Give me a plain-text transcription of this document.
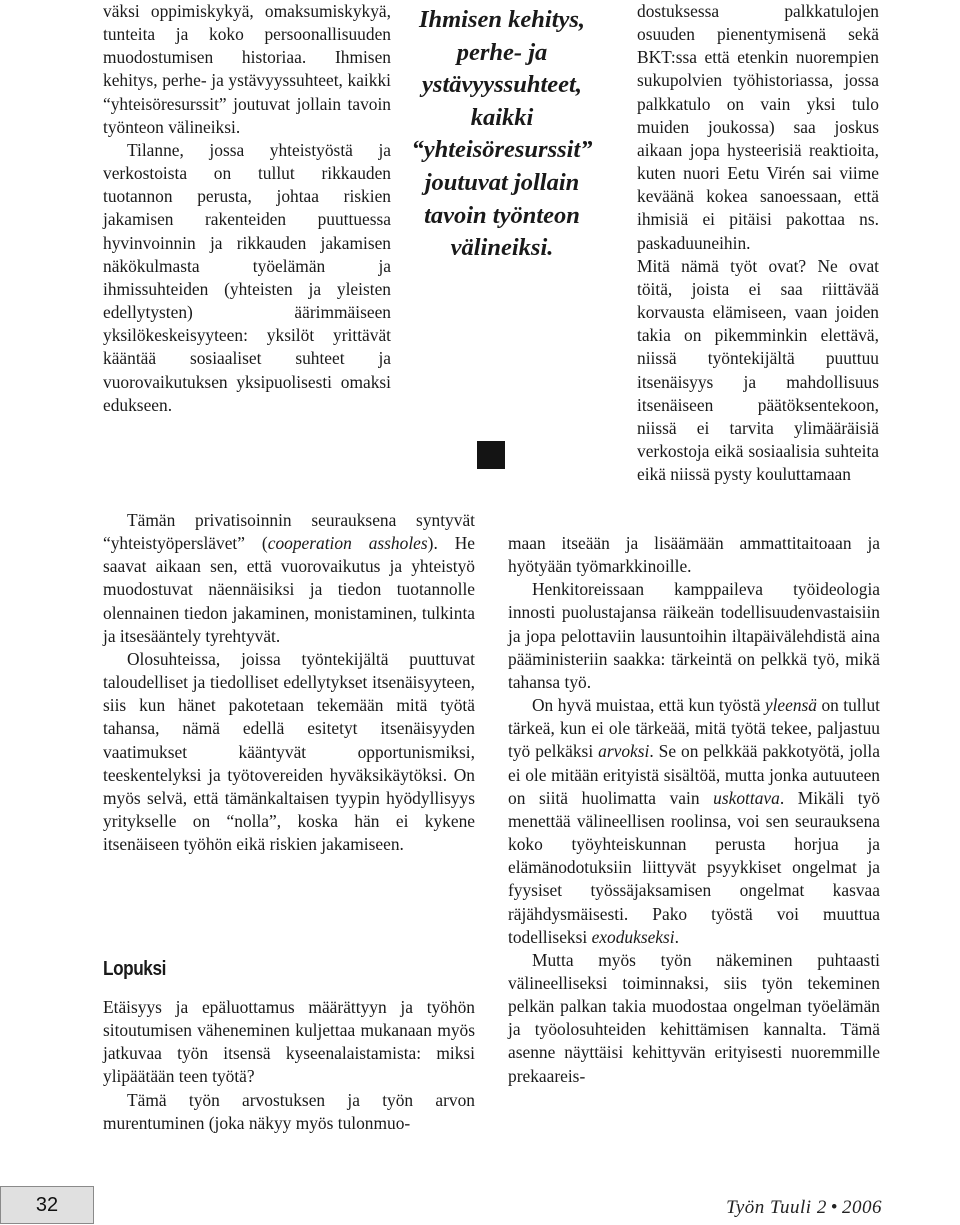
väksi oppimiskykyä, omaksumiskykyä, tunteita ja koko persoonallisuuden muodostumisen historiaa. Ihmisen kehitys, perhe- ja ystävyyssuhteet, kaikki “yhteisöresurssit” joutuvat jollain tavoin työnteon välineiksi.

Tilanne, jossa yhteistyöstä ja verkostoista on tullut rikkauden tuotannon perusta, johtaa riskien jakamisen rakenteiden puuttuessa hyvinvoinnin ja rikkauden jakamisen näkökulmasta työelämän ja ihmissuhteiden (yhteisten ja yleisten edellytysten) äärimmäiseen yksilökeskeisyyteen: yksilöt yrittävät kääntää sosiaaliset suhteet ja vuorovaikutuksen yksipuolisesti omaksi edukseen.

Ihmisen kehitys, perhe- ja ystävyyssuhteet, kaikki “yhteisöresurssit” joutuvat jollain tavoin työnteon välineiksi.

dostuksessa palkkatulojen osuuden pienentymisenä sekä BKT:ssa että etenkin nuorempien sukupolvien työhistoriassa, jossa palkkatulo on vain yksi tulo muiden joukossa) saa joskus aikaan jopa hysteerisiä reaktioita, kuten nuori Eetu Virén sai viime keväänä kokea sanoessaan, että ihmisiä ei pitäisi pakottaa ns. paskaduuneihin.

Mitä nämä työt ovat? Ne ovat töitä, joista ei saa riittävää korvausta elämiseen, vaan joiden takia on pikemminkin elettävä, niissä työntekijältä puuttuu itsenäisyys ja mahdollisuus itsenäiseen päätöksentekoon, niissä ei tarvita ylimääräisiä verkostoja eikä sosiaalisia suhteita eikä niissä pysty kouluttamaan

Tämän privatisoinnin seurauksena syntyvät “yhteistyöperslävet” (cooperation assholes). He saavat aikaan sen, että vuorovaikutus ja yhteistyö muodostuvat näennäisiksi ja tiedon tuotannolle olennainen tiedon jakaminen, monistaminen, tulkinta ja itsesääntely tyrehtyvät.

Olosuhteissa, joissa työntekijältä puuttuvat taloudelliset ja tiedolliset edellytykset itsenäisyyteen, siis kun hänet pakotetaan tekemään mitä työtä tahansa, nämä edellä esitetyt itsenäisyyden vaatimukset kääntyvät opportunismiksi, teeskentelyksi ja työtovereiden hyväksikäytöksi. On myös selvä, että tämänkaltaisen tyypin hyödyllisyys yritykselle on “nolla”, koska hän ei kykene itsenäiseen työhön eikä riskien jakamiseen.

Lopuksi

Etäisyys ja epäluottamus määrättyyn ja työhön sitoutumisen väheneminen kuljettaa mukanaan myös jatkuvaa työn itsensä kyseenalaistamista: miksi ylipäätään teen työtä?

Tämä työn arvostuksen ja työn arvon murentuminen (joka näkyy myös tulonmuo-

maan itseään ja lisäämään ammattitaitoaan ja hyötyään työmarkkinoille.

Henkitoreissaan kamppaileva työideologia innosti puolustajansa räikeän todellisuudenvastaisiin ja jopa pelottaviin lausuntoihin iltapäivälehdistä aina pääministeriin saakka: tärkeintä on pelkkä työ, mikä tahansa työ.

On hyvä muistaa, että kun työstä yleensä on tullut tärkeä, kun ei ole tärkeää, mitä työtä tekee, paljastuu työ pelkäksi arvoksi. Se on pelkkää pakkotyötä, jolla ei ole mitään erityistä sisältöä, mutta jonka autuuteen on siitä huolimatta vain uskottava. Mikäli työ menettää välineellisen roolinsa, voi sen seurauksena koko työyhteiskunnan perusta horjua ja elämänodotuksiin liittyvät psyykkiset ongelmat ja fyysiset työssäjaksamisen ongelmat kasvaa räjähdysmäisesti. Pako työstä voi muuttua todelliseksi exodukseksi.

Mutta myös työn näkeminen puhtaasti välineelliseksi toiminnaksi, siis työn tekeminen pelkän palkan takia muodostaa ongelman työelämän ja työolosuhteiden kehittämisen kannalta. Tämä asenne näyttäisi kehittyvän erityisesti nuoremmille prekaareis-

32	Työn Tuuli 2 • 2006
